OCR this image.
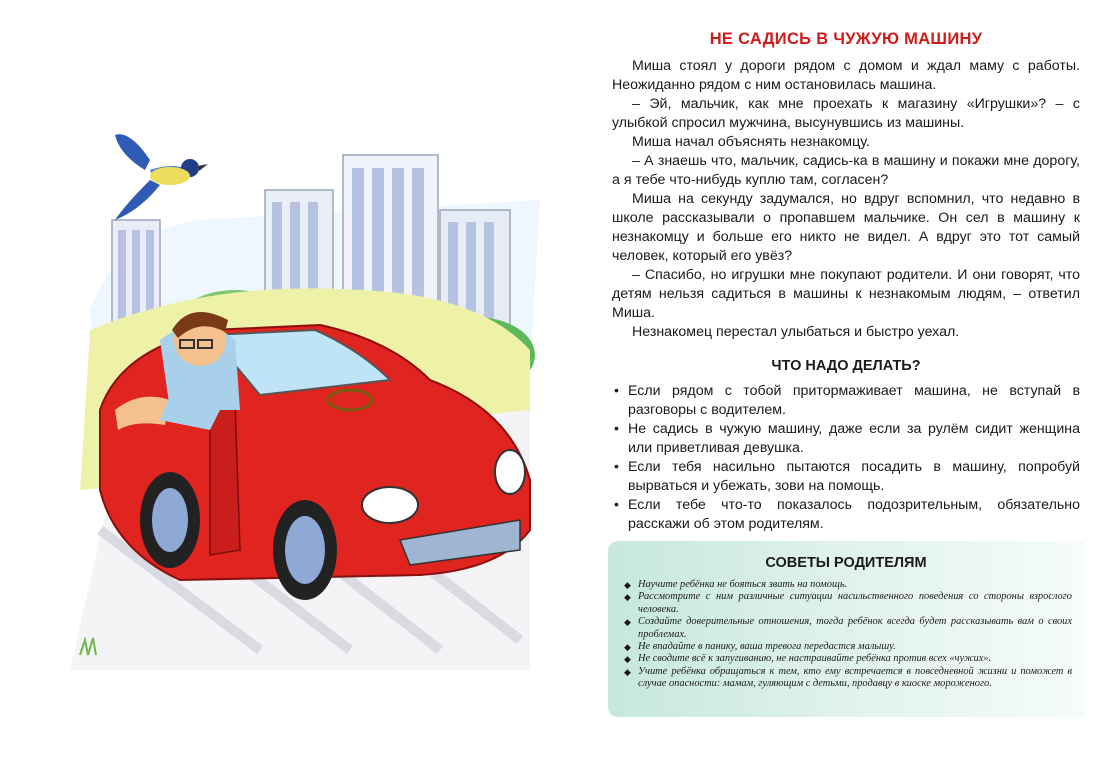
НЕ САДИСЬ В ЧУЖУЮ МАШИНУ

Миша стоял у дороги рядом с домом и ждал маму с работы. Неожиданно рядом с ним остановилась машина.

– Эй, мальчик, как мне проехать к магазину «Игрушки»? – с улыбкой спросил мужчина, высунувшись из машины.

Миша начал объяснять незнакомцу.

– А знаешь что, мальчик, садись-ка в машину и покажи мне дорогу, а я тебе что-нибудь куплю там, согласен?

Миша на секунду задумался, но вдруг вспомнил, что недавно в школе рассказывали о пропавшем мальчике. Он сел в машину к незнакомцу и больше его никто не видел. А вдруг это тот самый человек, который его увёз?

– Спасибо, но игрушки мне покупают родители. И они говорят, что детям нельзя садиться в машины к незнакомым людям, – ответил Миша.

Незнакомец перестал улыбаться и быстро уехал.

ЧТО НАДО ДЕЛАТЬ?
• Если рядом с тобой притормаживает машина, не вступай в разговоры с водителем.
• Не садись в чужую машину, даже если за рулём сидит женщина или приветливая девушка.
• Если тебя насильно пытаются посадить в машину, попробуй вырваться и убежать, зови на помощь.
• Если тебе что-то показалось подозрительным, обязательно расскажи об этом родителям.
СОВЕТЫ РОДИТЕЛЯМ
◆ Научите ребёнка не бояться звать на помощь.
◆ Рассмотрите с ним различные ситуации насильственного поведения со стороны взрослого человека.
◆ Создайте доверительные отношения, тогда ребёнок всегда будет рассказывать вам о своих проблемах.
◆ Не впадайте в панику, ваша тревога передастся малышу.
◆ Не сводите всё к запугиванию, не настраивайте ребёнка против всех «чужих».
◆ Учите ребёнка обращаться к тем, кто ему встречается в повседневной жизни и поможет в случае опасности: мамам, гуляющим с детьми, продавцу в киоске мороженого.
